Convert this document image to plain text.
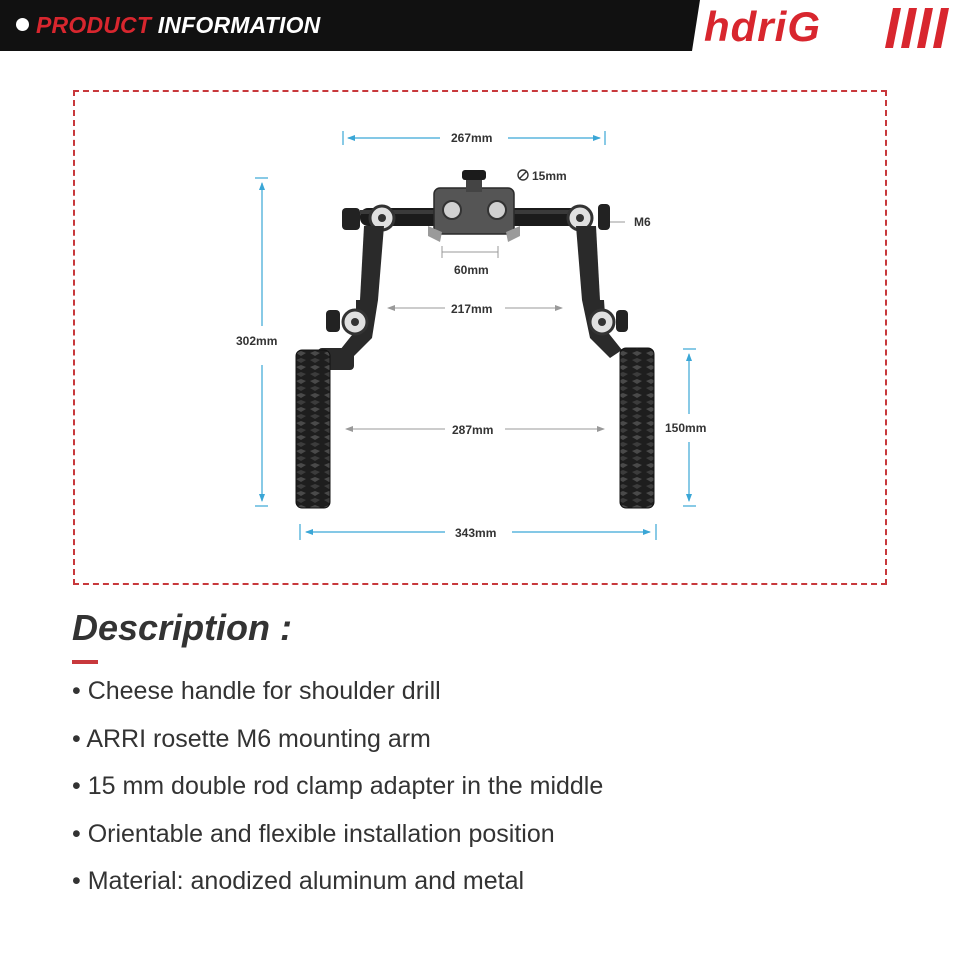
PRODUCT INFORMATION	hdriG
267mm
15mm
M6
60mm
217mm
302mm
287mm	150mm
343mm
Description :
• Cheese handle for shoulder drill
• ARRI rosette M6 mounting arm
• 15 mm double rod clamp adapter in the middle
• Orientable and flexible installation position
• Material: anodized aluminum and metal
